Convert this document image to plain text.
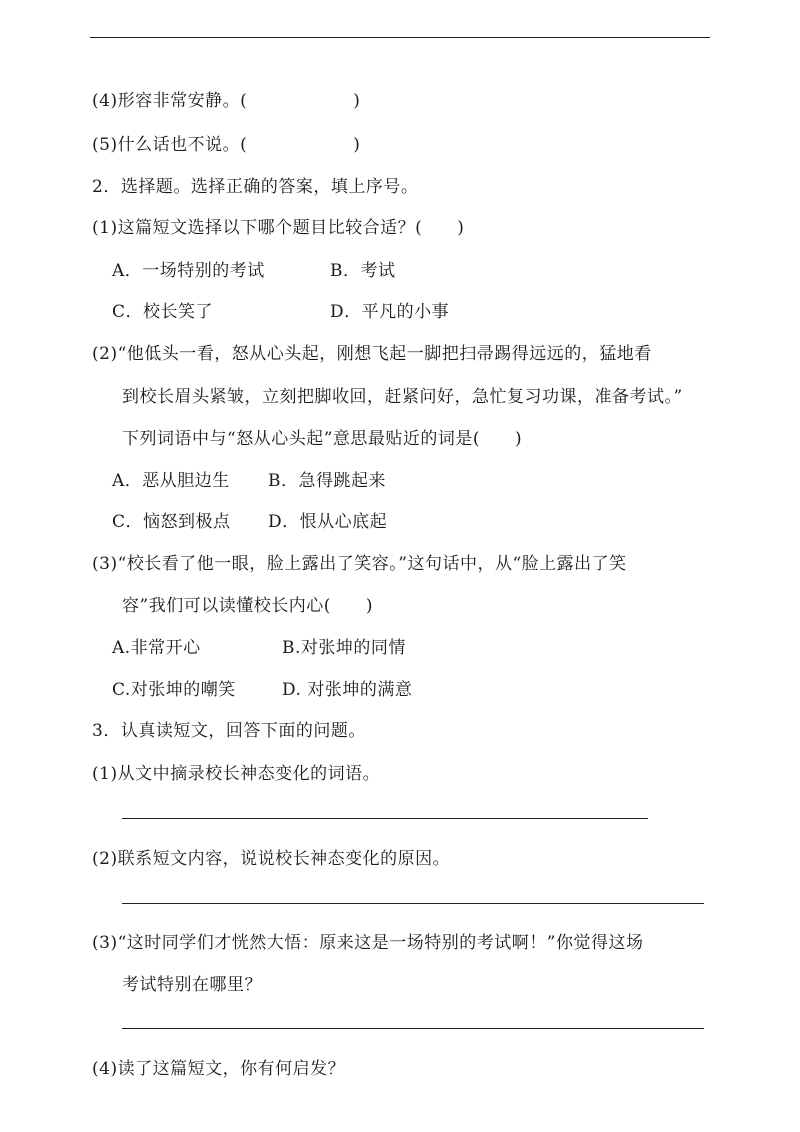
(4)形容非常安静。(	)
(5)什么话也不说。(	)
2．选择题。选择正确的答案，填上序号。
(1)这篇短文选择以下哪个题目比较合适？(　　)
A．一场特别的考试	B．考试
C．校长笑了	D．平凡的小事
(2)“他低头一看，怒从心头起，刚想飞起一脚把扫帚踢得远远的，猛地看
到校长眉头紧皱，立刻把脚收回，赶紧问好，急忙复习功课，准备考试。”
下列词语中与“怒从心头起”意思最贴近的词是(　　)
A．恶从胆边生 B．急得跳起来
C．恼怒到极点 D．恨从心底起
(3)“校长看了他一眼，脸上露出了笑容。”这句话中，从“脸上露出了笑
容”我们可以读懂校长内心(　　)
A.非常开心	B.对张坤的同情
C.对张坤的嘲笑	D. 对张坤的满意
3．认真读短文，回答下面的问题。
(1)从文中摘录校长神态变化的词语。
(2)联系短文内容，说说校长神态变化的原因。
(3)“这时同学们才恍然大悟：原来这是一场特别的考试啊！”你觉得这场
考试特别在哪里？
(4)读了这篇短文，你有何启发？
